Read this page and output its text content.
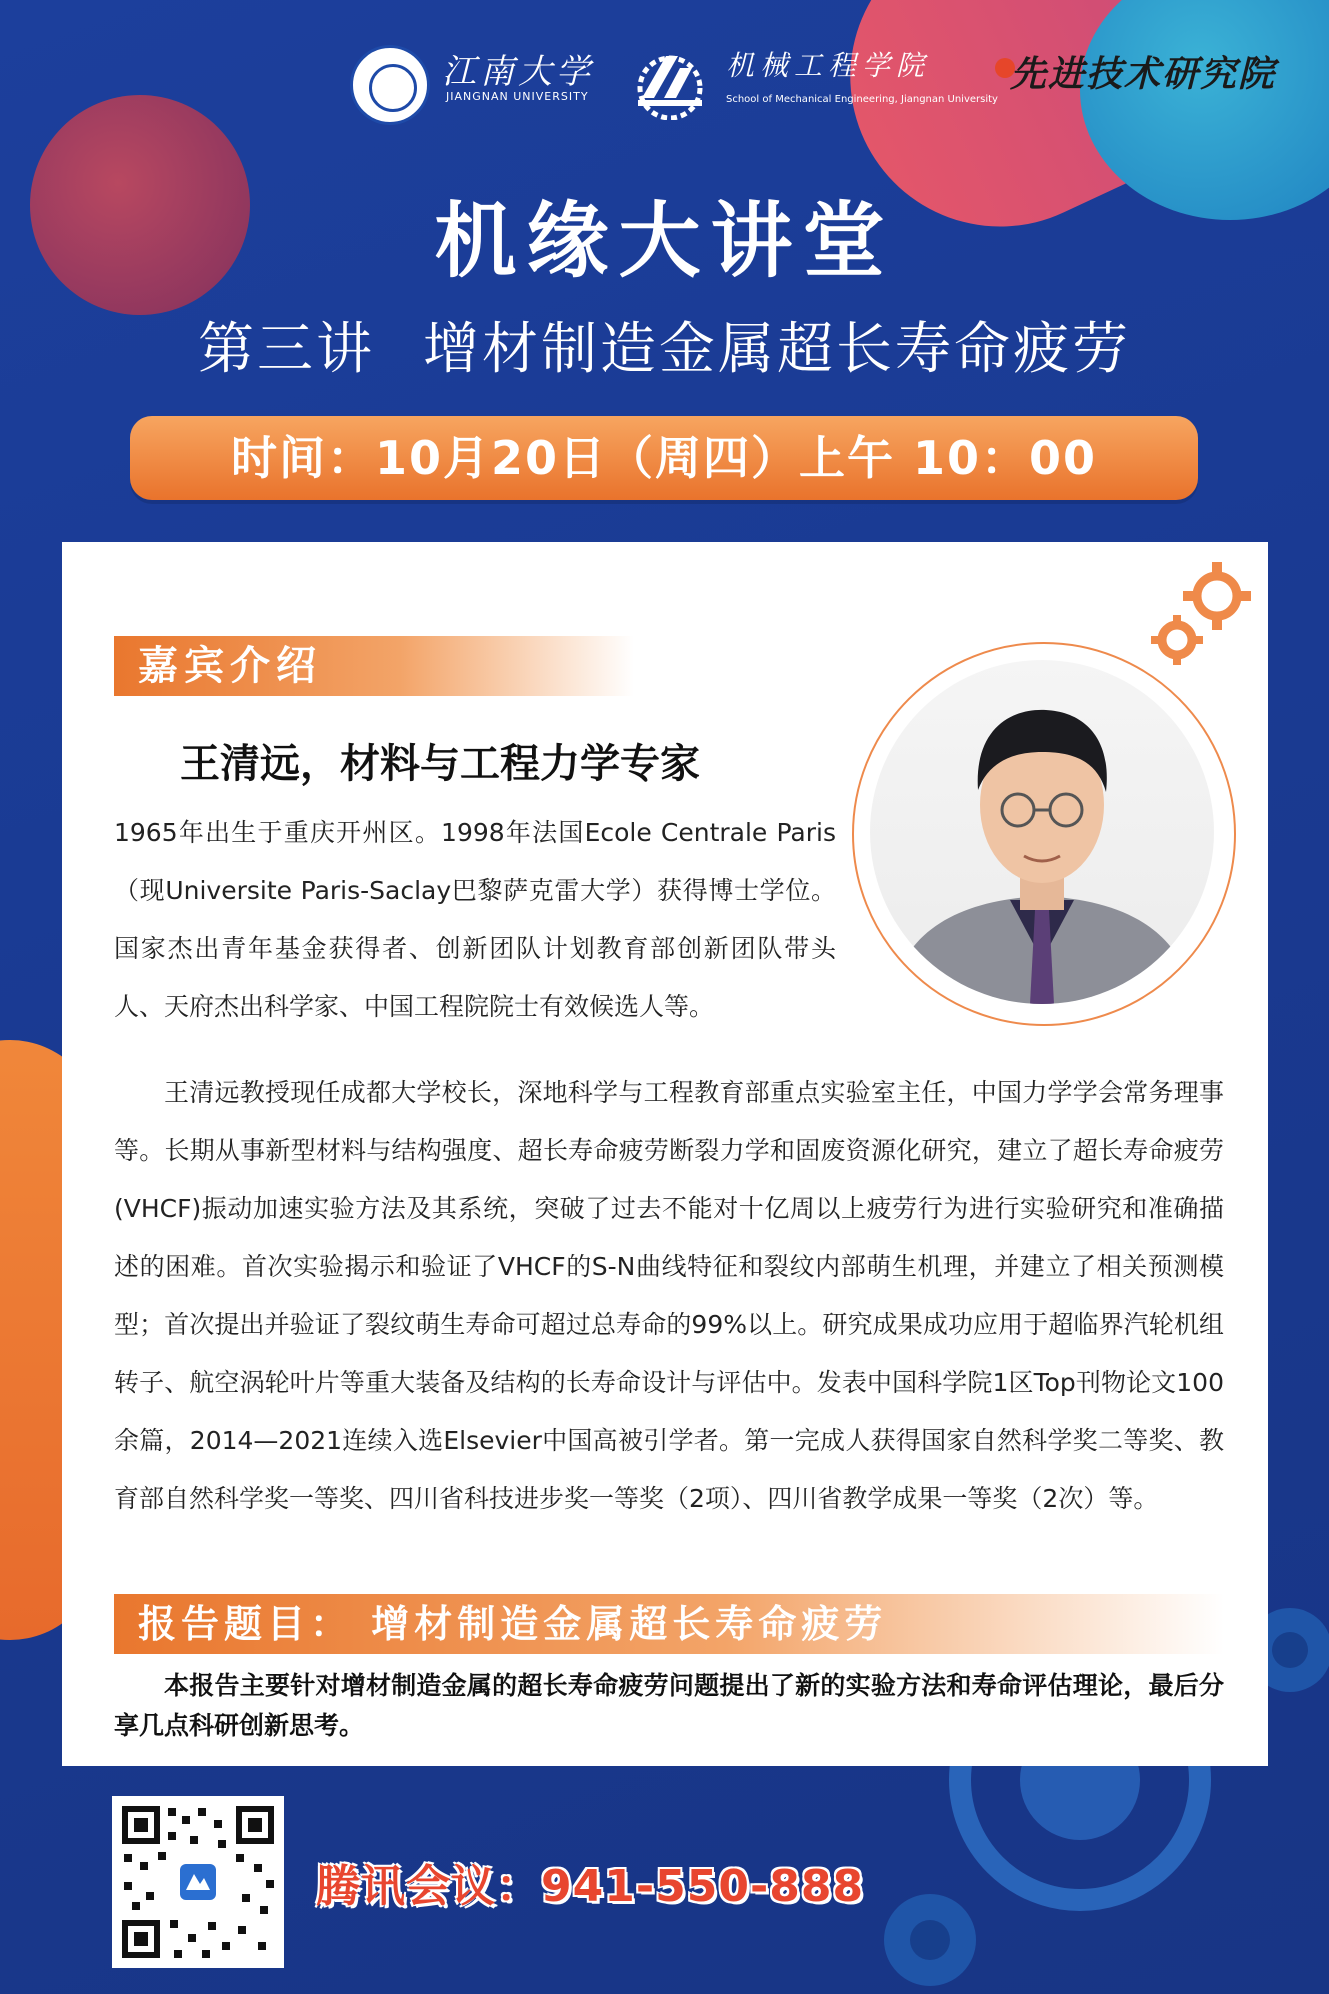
江南大学
JIANGNAN UNIVERSITY
机械工程学院
School of Mechanical Engineering, Jiangnan University
先进技术研究院
机缘大讲堂
第三讲 增材制造金属超长寿命疲劳
时间：10月20日（周四）上午 10：00
嘉宾介绍
王清远，材料与工程力学专家
1965年出生于重庆开州区。1998年法国Ecole Centrale Paris（现Universite Paris-Saclay巴黎萨克雷大学）获得博士学位。国家杰出青年基金获得者、创新团队计划教育部创新团队带头人、天府杰出科学家、中国工程院院士有效候选人等。
王清远教授现任成都大学校长，深地科学与工程教育部重点实验室主任，中国力学学会常务理事等。长期从事新型材料与结构强度、超长寿命疲劳断裂力学和固废资源化研究，建立了超长寿命疲劳(VHCF)振动加速实验方法及其系统，突破了过去不能对十亿周以上疲劳行为进行实验研究和准确描述的困难。首次实验揭示和验证了VHCF的S-N曲线特征和裂纹内部萌生机理，并建立了相关预测模型；首次提出并验证了裂纹萌生寿命可超过总寿命的99%以上。研究成果成功应用于超临界汽轮机组转子、航空涡轮叶片等重大装备及结构的长寿命设计与评估中。发表中国科学院1区Top刊物论文100余篇，2014—2021连续入选Elsevier中国高被引学者。第一完成人获得国家自然科学奖二等奖、教育部自然科学奖一等奖、四川省科技进步奖一等奖（2项）、四川省教学成果一等奖（2次）等。
报告题目： 增材制造金属超长寿命疲劳
本报告主要针对增材制造金属的超长寿命疲劳问题提出了新的实验方法和寿命评估理论，最后分享几点科研创新思考。
腾讯会议：941-550-888
